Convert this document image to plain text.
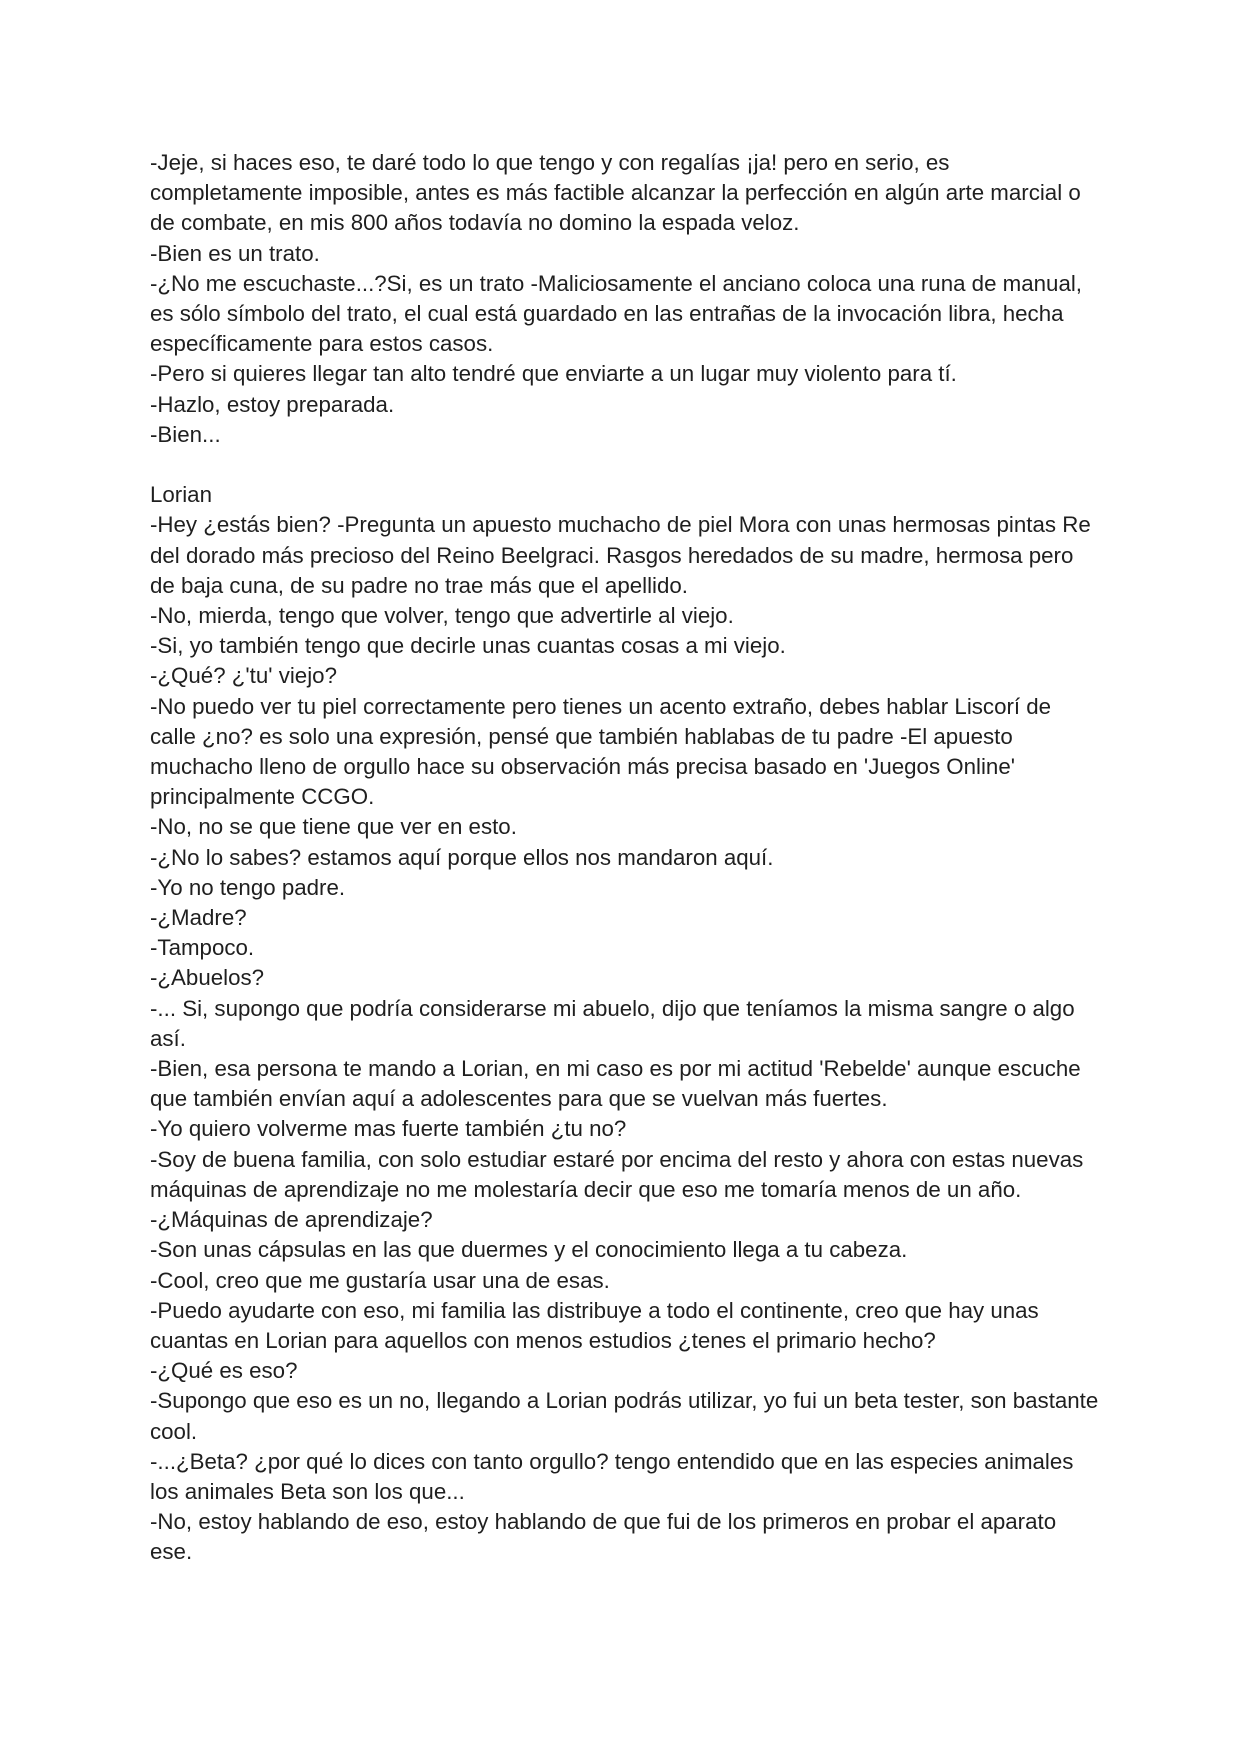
-Jeje, si haces eso, te daré todo lo que tengo y con regalías ¡ja! pero en serio, es completamente imposible, antes es más factible alcanzar la perfección en algún arte marcial o de combate, en mis 800 años todavía no domino la espada veloz.

-Bien es un trato.

-¿No me escuchaste...?Si, es un trato -Maliciosamente el anciano coloca una runa de manual, es sólo símbolo del trato, el cual está guardado en las entrañas de la invocación libra, hecha específicamente para estos casos.

-Pero si quieres llegar tan alto tendré que enviarte a un lugar muy violento para tí.

-Hazlo, estoy preparada.

-Bien...

Lorian

-Hey ¿estás bien? -Pregunta un apuesto muchacho de piel Mora con unas hermosas pintas Re del dorado más precioso del Reino Beelgraci. Rasgos heredados de su madre, hermosa pero de baja cuna, de su padre no trae más que el apellido.

-No, mierda, tengo que volver, tengo que advertirle al viejo.

-Si, yo también tengo que decirle unas cuantas cosas a mi viejo.

-¿Qué? ¿'tu' viejo?

-No puedo ver tu piel correctamente pero tienes un acento extraño, debes hablar Liscorí de calle ¿no? es solo una expresión, pensé que también hablabas de tu padre -El apuesto muchacho lleno de orgullo hace su observación más precisa basado en 'Juegos Online' principalmente CCGO.

-No, no se que tiene que ver en esto.

-¿No lo sabes? estamos aquí porque ellos nos mandaron aquí.

-Yo no tengo padre.

-¿Madre?

-Tampoco.

-¿Abuelos?

-... Si, supongo que podría considerarse mi abuelo, dijo que teníamos la misma sangre o algo así.

-Bien, esa persona te mando a Lorian, en mi caso es por mi actitud 'Rebelde' aunque escuche que también envían aquí a adolescentes para que se vuelvan más fuertes.

-Yo quiero volverme mas fuerte también ¿tu no?

-Soy de buena familia, con solo estudiar estaré por encima del resto y ahora con estas nuevas máquinas de aprendizaje no me molestaría decir que eso me tomaría menos de un año.

-¿Máquinas de aprendizaje?

-Son unas cápsulas en las que duermes y el conocimiento llega a tu cabeza.

-Cool, creo que me gustaría usar una de esas.

-Puedo ayudarte con eso, mi familia las distribuye a todo el continente, creo que hay unas cuantas en Lorian para aquellos con menos estudios ¿tenes el primario hecho?

-¿Qué es eso?

-Supongo que eso es un no, llegando a Lorian podrás utilizar, yo fui un beta tester, son bastante cool.

-...¿Beta? ¿por qué lo dices con tanto orgullo? tengo entendido que en las especies animales los animales Beta son los que...

-No, estoy hablando de eso, estoy hablando de que fui de los primeros en probar el aparato ese.
